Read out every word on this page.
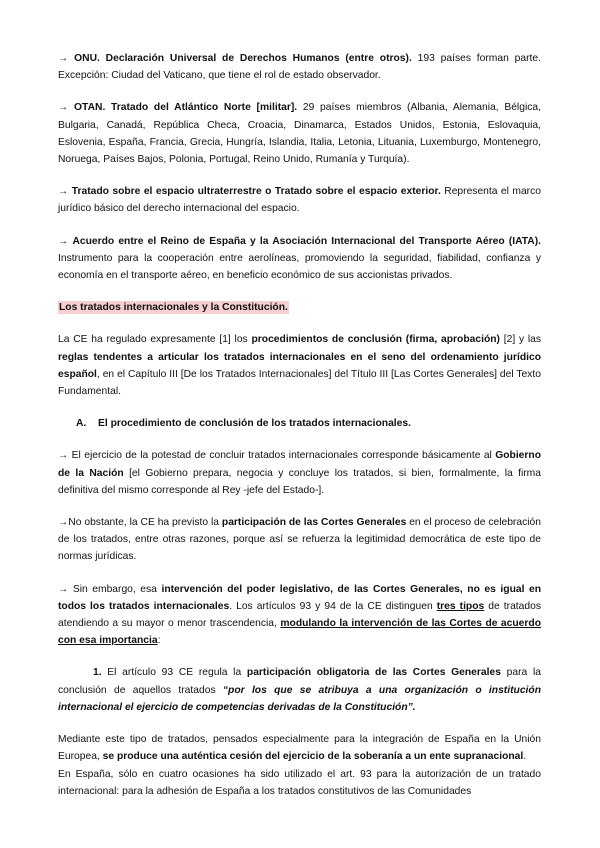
→ ONU. Declaración Universal de Derechos Humanos (entre otros). 193 países forman parte. Excepción: Ciudad del Vaticano, que tiene el rol de estado observador.

→ OTAN. Tratado del Atlántico Norte [militar]. 29 países miembros (Albania, Alemania, Bélgica, Bulgaria, Canadá, República Checa, Croacia, Dinamarca, Estados Unidos, Estonia, Eslovaquia, Eslovenia, España, Francia, Grecia, Hungría, Islandia, Italia, Letonia, Lituania, Luxemburgo, Montenegro, Noruega, Países Bajos, Polonia, Portugal, Reino Unido, Rumanía y Turquía).

→ Tratado sobre el espacio ultraterrestre o Tratado sobre el espacio exterior. Representa el marco jurídico básico del derecho internacional del espacio.

→ Acuerdo entre el Reino de España y la Asociación Internacional del Transporte Aéreo (IATA). Instrumento para la cooperación entre aerolíneas, promoviendo la seguridad, fiabilidad, confianza y economía en el transporte aéreo, en beneficio económico de sus accionistas privados.

Los tratados internacionales y la Constitución.

La CE ha regulado expresamente [1] los procedimientos de conclusión (firma, aprobación) [2] y las reglas tendentes a articular los tratados internacionales en el seno del ordenamiento jurídico español, en el Capítulo III [De los Tratados Internacionales] del Título III [Las Cortes Generales] del Texto Fundamental.

A. El procedimiento de conclusión de los tratados internacionales.

→ El ejercicio de la potestad de concluir tratados internacionales corresponde básicamente al Gobierno de la Nación [el Gobierno prepara, negocia y concluye los tratados, si bien, formalmente, la firma definitiva del mismo corresponde al Rey -jefe del Estado-].

→No obstante, la CE ha previsto la participación de las Cortes Generales en el proceso de celebración de los tratados, entre otras razones, porque así se refuerza la legitimidad democrática de este tipo de normas jurídicas.

→ Sin embargo, esa intervención del poder legislativo, de las Cortes Generales, no es igual en todos los tratados internacionales. Los artículos 93 y 94 de la CE distinguen tres tipos de tratados atendiendo a su mayor o menor trascendencia, modulando la intervención de las Cortes de acuerdo con esa importancia:

1. El artículo 93 CE regula la participación obligatoria de las Cortes Generales para la conclusión de aquellos tratados “por los que se atribuya a una organización o institución internacional el ejercicio de competencias derivadas de la Constitución”.

Mediante este tipo de tratados, pensados especialmente para la integración de España en la Unión Europea, se produce una auténtica cesión del ejercicio de la soberanía a un ente supranacional.

En España, sólo en cuatro ocasiones ha sido utilizado el art. 93 para la autorización de un tratado internacional: para la adhesión de España a los tratados constitutivos de las Comunidades
